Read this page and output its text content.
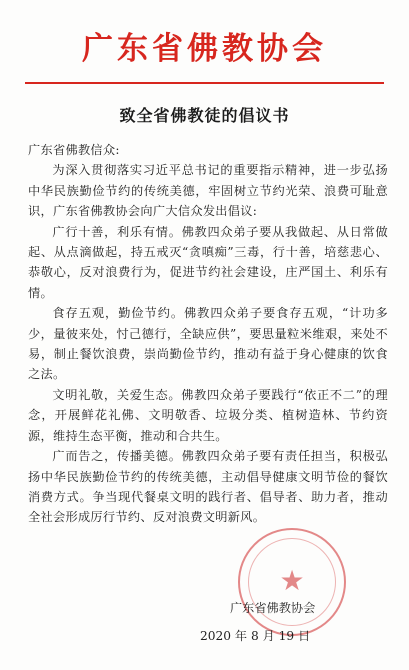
广东省佛教协会
致全省佛教徒的倡议书

广东省佛教信众:

为深入贯彻落实习近平总书记的重要指示精神，进一步弘扬中华民族勤俭节约的传统美德，牢固树立节约光荣、浪费可耻意识，广东省佛教协会向广大信众发出倡议:

广行十善，利乐有情。佛教四众弟子要从我做起、从日常做起、从点滴做起，持五戒灭“贪嗔痴”三毒，行十善，培慈悲心、恭敬心，反对浪费行为，促进节约社会建设，庄严国土、利乐有情。

食存五观，勤俭节约。佛教四众弟子要食存五观，“计功多少，量彼来处，忖己德行，全缺应供”，要思量粒米维艰，来处不易，制止餐饮浪费，崇尚勤俭节约，推动有益于身心健康的饮食之法。

文明礼敬，关爱生态。佛教四众弟子要践行“依正不二”的理念，开展鲜花礼佛、文明敬香、垃圾分类、植树造林、节约资源，维持生态平衡，推动和合共生。

广而告之，传播美德。佛教四众弟子要有责任担当，积极弘扬中华民族勤俭节约的传统美德，主动倡导健康文明节俭的餐饮消费方式。争当现代餐桌文明的践行者、倡导者、助力者，推动全社会形成厉行节约、反对浪费文明新风。

★
广东省佛教协会
2020 年 8 月 19 日
